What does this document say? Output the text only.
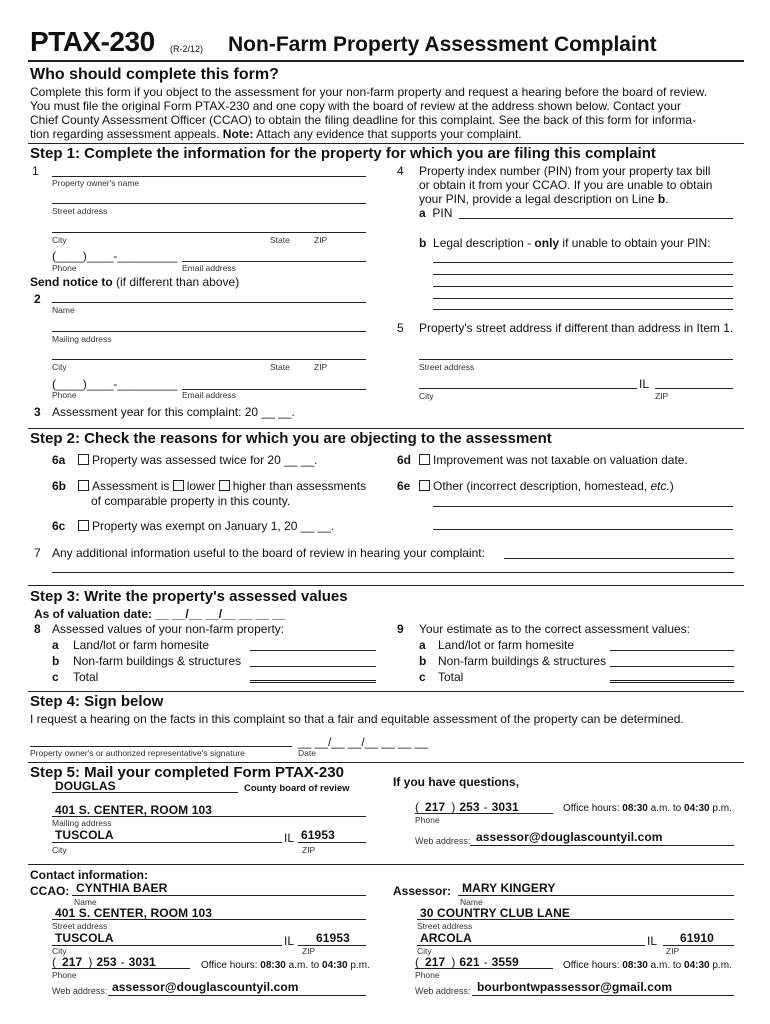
PTAX-230 (R-2/12) Non-Farm Property Assessment Complaint
Who should complete this form?
Complete this form if you object to the assessment for your non-farm property and request a hearing before the board of review.
You must file the original Form PTAX-230 and one copy with the board of review at the address shown below. Contact your
Chief County Assessment Officer (CCAO) to obtain the filing deadline for this complaint. See the back of this form for informa-
tion regarding assessment appeals. Note: Attach any evidence that supports your complaint.
Step 1: Complete the information for the property for which you are filing this complaint
1
Property owner's name
Street address
City	State	ZIP
(____)____-_________
Phone	Email address
Send notice to (if different than above)
2
Name
Mailing address
City	State	ZIP
(____)____-_________
Phone	Email address
3 Assessment year for this complaint: 20 __ __.
4 Property index number (PIN) from your property tax bill
or obtain it from your CCAO. If you are unable to obtain
your PIN, provide a legal description on Line b.
a PIN
b Legal description - only if unable to obtain your PIN:
5 Property's street address if different than address in Item 1.
Street address
IL
City	ZIP
Step 2: Check the reasons for which you are objecting to the assessment
6a	Property was assessed twice for 20 __ __.
6b	Assessment is lower higher than assessments
of comparable property in this county.
6c	Property was exempt on January 1, 20 __ __.
6d	Improvement was not taxable on valuation date.
6e	Other (incorrect description, homestead, etc.)
7 Any additional information useful to the board of review in hearing your complaint:
Step 3: Write the property's assessed values
As of valuation date: __ __/__ __/__ __ __ __
8 Assessed values of your non-farm property:
a Land/lot or farm homesite
b Non-farm buildings & structures
c Total
9 Your estimate as to the correct assessment values:
a Land/lot or farm homesite
b Non-farm buildings & structures
c Total
Step 4: Sign below
I request a hearing on the facts in this complaint so that a fair and equitable assessment of the property can be determined.
__ __/__ __/__ __ __ __
Property owner's or authorized representative's signature	Date
Step 5: Mail your completed Form PTAX-230
DOUGLAS	County board of review	If you have questions,
401 S. CENTER, ROOM 103
Mailing address
TUSCOLA	IL 61953
City	ZIP
( 217 ) 253 - 3031
Phone
Office hours: 08:30 a.m. to 04:30 p.m.
Web address: assessor@douglascountyil.com
Contact information:
CCAO: CYNTHIA BAER
Name
401 S. CENTER, ROOM 103
Street address
TUSCOLA	IL 61953
City	ZIP
( 217 ) 253 - 3031
Phone
Office hours: 08:30 a.m. to 04:30 p.m.
Web address: assessor@douglascountyil.com
Assessor: MARY KINGERY
Name
30 COUNTRY CLUB LANE
Street address
ARCOLA	IL 61910
City	ZIP
( 217 ) 621 - 3559
Phone
Office hours: 08:30 a.m. to 04:30 p.m.
Web address: bourbontwpassessor@gmail.com
